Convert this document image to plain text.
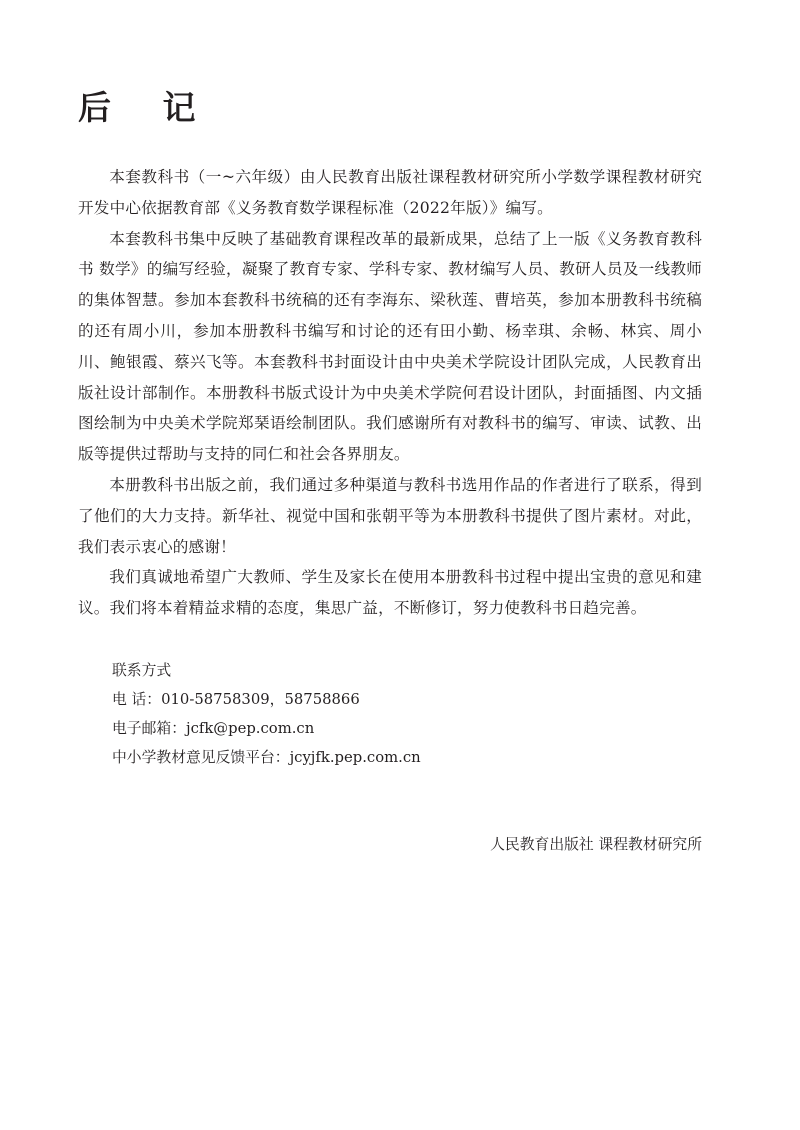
后 记

本套教科书（一~六年级）由人民教育出版社课程教材研究所小学数学课程教材研究开发中心依据教育部《义务教育数学课程标准（2022年版）》编写。

本套教科书集中反映了基础教育课程改革的最新成果，总结了上一版《义务教育教科书 数学》的编写经验，凝聚了教育专家、学科专家、教材编写人员、教研人员及一线教师的集体智慧。参加本套教科书统稿的还有李海东、梁秋莲、曹培英，参加本册教科书统稿的还有周小川，参加本册教科书编写和讨论的还有田小勤、杨幸琪、余畅、林宾、周小川、鲍银霞、蔡兴飞等。本套教科书封面设计由中央美术学院设计团队完成，人民教育出版社设计部制作。本册教科书版式设计为中央美术学院何君设计团队，封面插图、内文插图绘制为中央美术学院郑琹语绘制团队。我们感谢所有对教科书的编写、审读、试教、出版等提供过帮助与支持的同仁和社会各界朋友。

本册教科书出版之前，我们通过多种渠道与教科书选用作品的作者进行了联系，得到了他们的大力支持。新华社、视觉中国和张朝平等为本册教科书提供了图片素材。对此，我们表示衷心的感谢！

我们真诚地希望广大教师、学生及家长在使用本册教科书过程中提出宝贵的意见和建议。我们将本着精益求精的态度，集思广益，不断修订，努力使教科书日趋完善。

联系方式
电 话：010-58758309，58758866
电子邮箱：jcfk@pep.com.cn
中小学教材意见反馈平台：jcyjfk.pep.com.cn
人民教育出版社 课程教材研究所
